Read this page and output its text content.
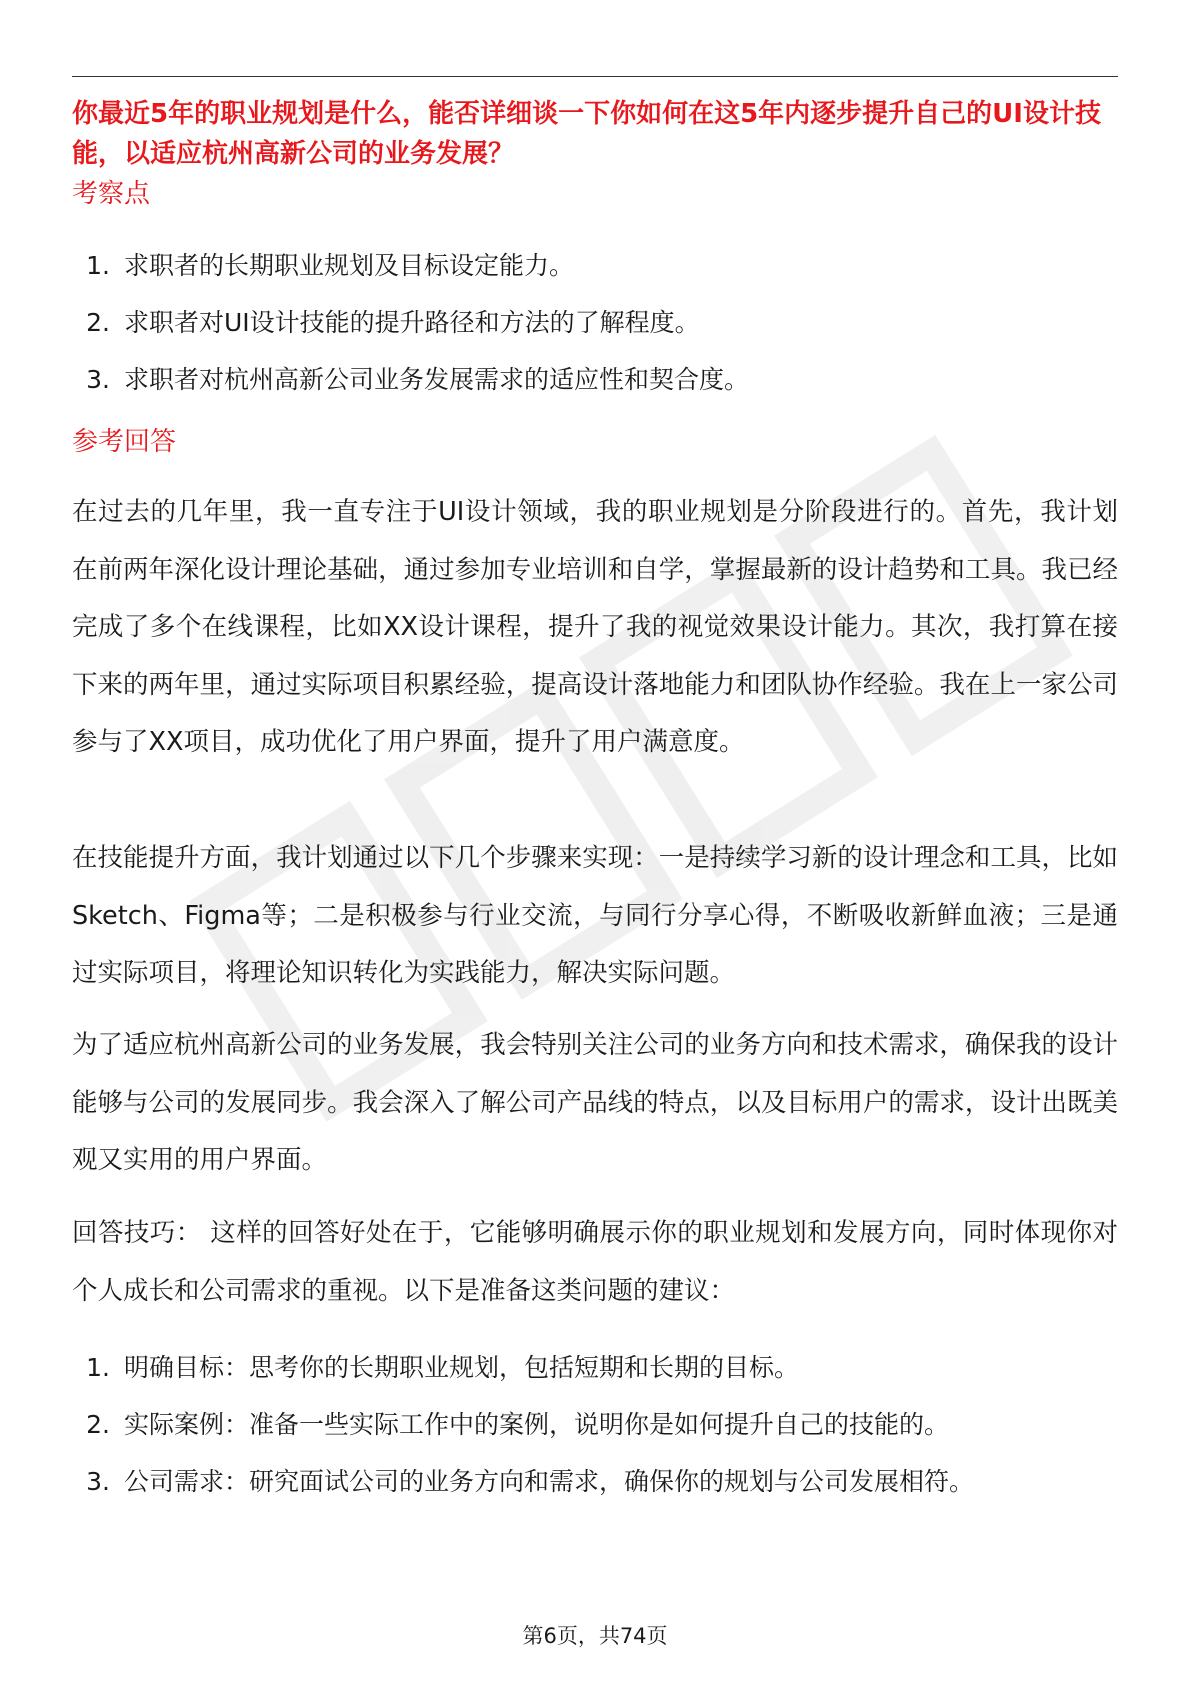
你最近5年的职业规划是什么，能否详细谈一下你如何在这5年内逐步提升自己的UI设计技能，以适应杭州高新公司的业务发展？

考察点
1. 求职者的长期职业规划及目标设定能力。
2. 求职者对UI设计技能的提升路径和方法的了解程度。
3. 求职者对杭州高新公司业务发展需求的适应性和契合度。
参考回答

在过去的几年里，我一直专注于UI设计领域，我的职业规划是分阶段进行的。首先，我计划在前两年深化设计理论基础，通过参加专业培训和自学，掌握最新的设计趋势和工具。我已经完成了多个在线课程，比如XX设计课程，提升了我的视觉效果设计能力。其次，我打算在接下来的两年里，通过实际项目积累经验，提高设计落地能力和团队协作经验。我在上一家公司参与了XX项目，成功优化了用户界面，提升了用户满意度。

在技能提升方面，我计划通过以下几个步骤来实现：一是持续学习新的设计理念和工具，比如Sketch、Figma等；二是积极参与行业交流，与同行分享心得，不断吸收新鲜血液；三是通过实际项目，将理论知识转化为实践能力，解决实际问题。

为了适应杭州高新公司的业务发展，我会特别关注公司的业务方向和技术需求，确保我的设计能够与公司的发展同步。我会深入了解公司产品线的特点，以及目标用户的需求，设计出既美观又实用的用户界面。

回答技巧： 这样的回答好处在于，它能够明确展示你的职业规划和发展方向，同时体现你对个人成长和公司需求的重视。以下是准备这类问题的建议：

1. 明确目标：思考你的长期职业规划，包括短期和长期的目标。
2. 实际案例：准备一些实际工作中的案例，说明你是如何提升自己的技能的。
3. 公司需求：研究面试公司的业务方向和需求，确保你的规划与公司发展相符。
第6页，共74页
